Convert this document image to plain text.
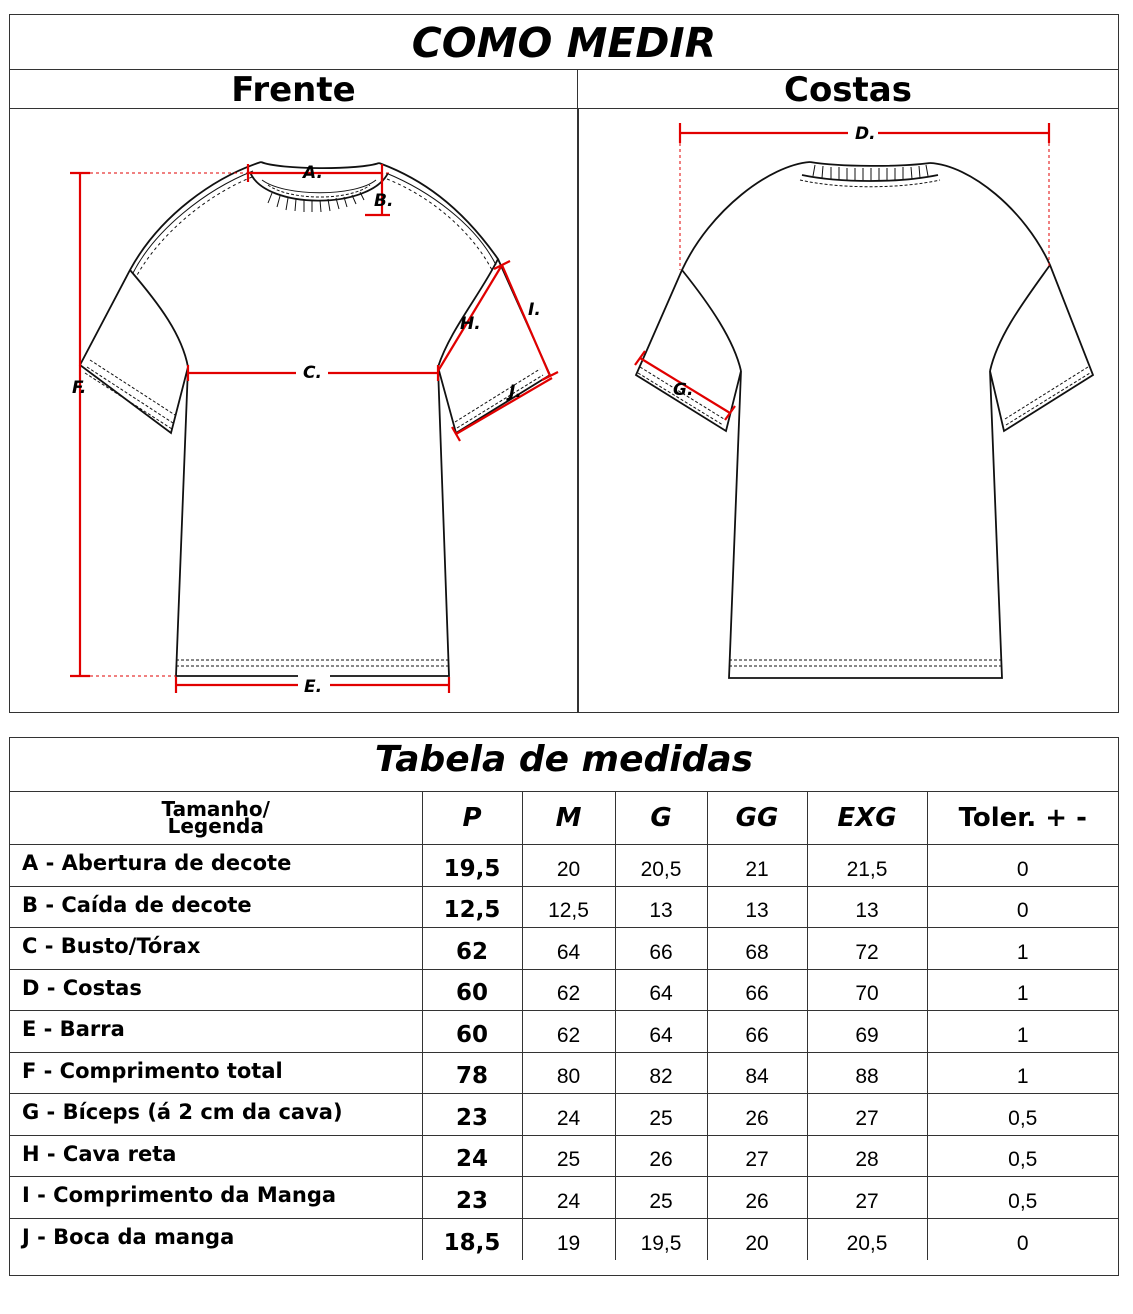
COMO MEDIR
Frente	Costas
A.
B.
C.
D.
E.
F.	G.
H.
I.
J.
Tabela de medidas
Tamanho/
Legenda	P	M	G	GG	EXG	Toler. + -
A - Abertura de decote	19,5	20	20,5	21	21,5	0
B - Caída de decote	12,5	12,5	13	13	13	0
C - Busto/Tórax	62	64	66	68	72	1
D - Costas	60	62	64	66	70	1
E - Barra	60	62	64	66	69	1
F - Comprimento total	78	80	82	84	88	1
G - Bíceps (á 2 cm da cava)	23	24	25	26	27	0,5
H - Cava reta	24	25	26	27	28	0,5
I - Comprimento da Manga	23	24	25	26	27	0,5
J - Boca da manga	18,5	19	19,5	20	20,5	0
